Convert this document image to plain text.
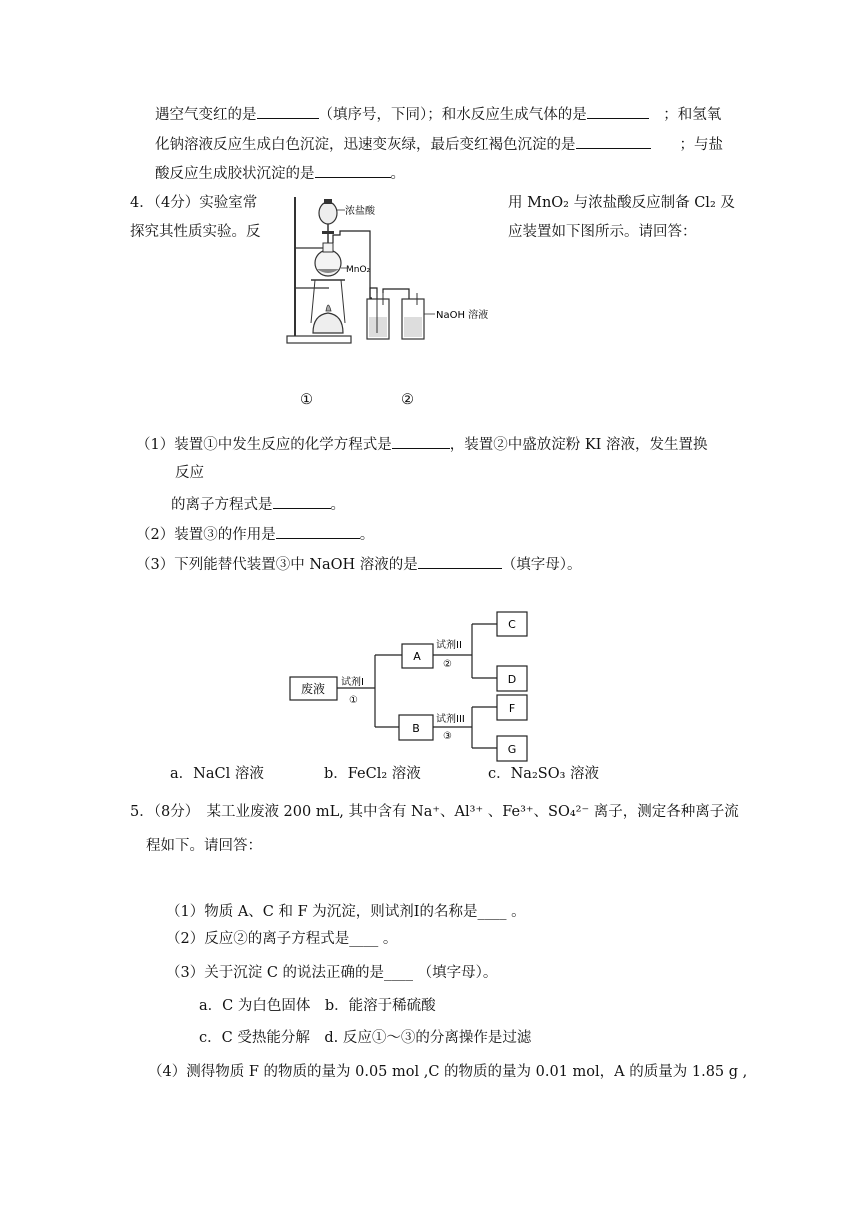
遇空气变红的是	（填序号，下同）；和水反应生成气体的是　	；和氢氧
化钠溶液反应生成白色沉淀，迅速变灰绿，最后变红褐色沉淀的是　　	；与盐
酸反应生成胶状沉淀的是	。
4．（4分）实验室常	用 MnO₂ 与浓盐酸反应制备 Cl₂ 及
探究其性质实验。反	应装置如下图所示。请回答：
浓盐酸
MnO₂
NaOH 溶液
①	②
（1）装置①中发生反应的化学方程式是	，装置②中盛放淀粉 KI 溶液，发生置换
反应
的离子方程式是	。
（2）装置③的作用是	。
（3）下列能替代装置③中 NaOH 溶液的是	（填字母）。
废液
A
B
C
D
F
G
试剂I
①
试剂II
②
试剂III
③
a．NaCl 溶液	b．FeCl₂ 溶液	c．Na₂SO₃ 溶液
5．（8分）　某工业废液 200 mL, 其中含有 Na⁺、Al³⁺ 、Fe³⁺、SO₄²⁻ 离子，测定各种离子流
程如下。请回答：
（1）物质 A、C 和 F 为沉淀，则试剂Ⅰ的名称是____ 。
（2）反应②的离子方程式是____ 。
（3）关于沉淀 C 的说法正确的是____ （填字母）。
a．C 为白色固体　b．能溶于稀硫酸
c．C 受热能分解　d. 反应①～③的分离操作是过滤
（4）测得物质 F 的物质的量为 0.05 mol ,C 的物质的量为 0.01 mol，A 的质量为 1.85 g ,
